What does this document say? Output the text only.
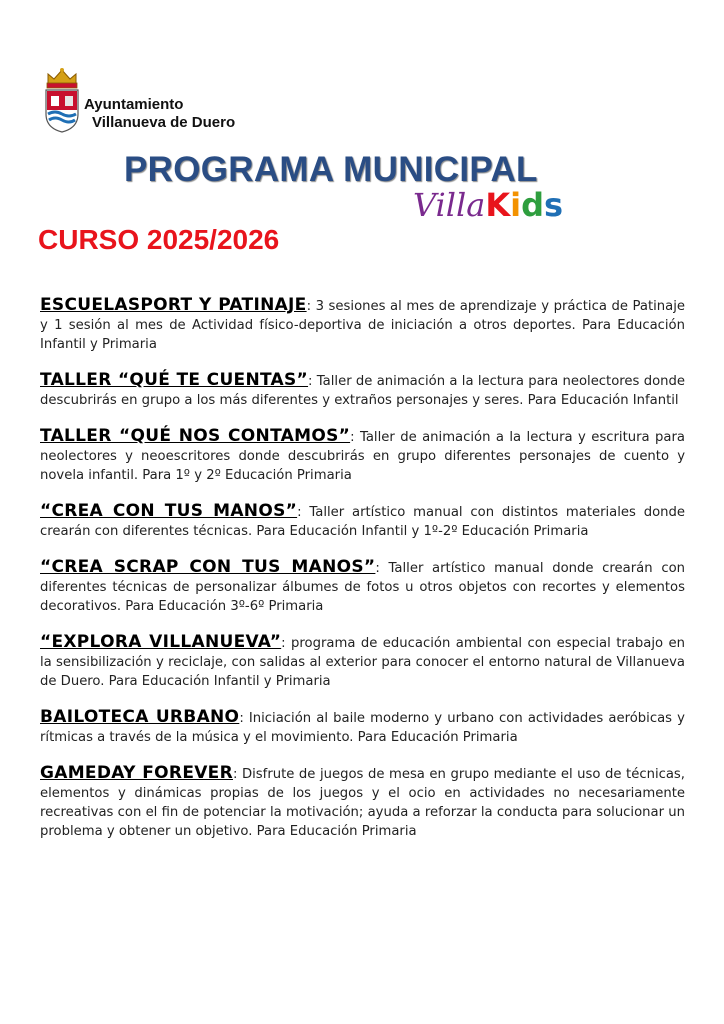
Ayuntamiento
Villanueva de Duero
PROGRAMA MUNICIPAL
VillaKids
CURSO 2025/2026

ESCUELASPORT Y PATINAJE: 3 sesiones al mes de aprendizaje y práctica de Patinaje y 1 sesión al mes de Actividad físico-deportiva de iniciación a otros deportes. Para Educación Infantil y Primaria

TALLER “QUÉ TE CUENTAS”: Taller de animación a la lectura para neolectores donde descubrirás en grupo a los más diferentes y extraños personajes y seres. Para Educación Infantil

TALLER “QUÉ NOS CONTAMOS”: Taller de animación a la lectura y escritura para neolectores y neoescritores donde descubrirás en grupo diferentes personajes de cuento y novela infantil. Para 1º y 2º Educación Primaria

“CREA CON TUS MANOS”: Taller artístico manual con distintos materiales donde crearán con diferentes técnicas. Para Educación Infantil y 1º-2º Educación Primaria

“CREA SCRAP CON TUS MANOS”: Taller artístico manual donde crearán con diferentes técnicas de personalizar álbumes de fotos u otros objetos con recortes y elementos decorativos. Para Educación 3º-6º Primaria

“EXPLORA VILLANUEVA”: programa de educación ambiental con especial trabajo en la sensibilización y reciclaje, con salidas al exterior para conocer el entorno natural de Villanueva de Duero. Para Educación Infantil y Primaria

BAILOTECA URBANO: Iniciación al baile moderno y urbano con actividades aeróbicas y rítmicas a través de la música y el movimiento. Para Educación Primaria

GAMEDAY FOREVER: Disfrute de juegos de mesa en grupo mediante el uso de técnicas, elementos y dinámicas propias de los juegos y el ocio en actividades no necesariamente recreativas con el fin de potenciar la motivación; ayuda a reforzar la conducta para solucionar un problema y obtener un objetivo. Para Educación Primaria
